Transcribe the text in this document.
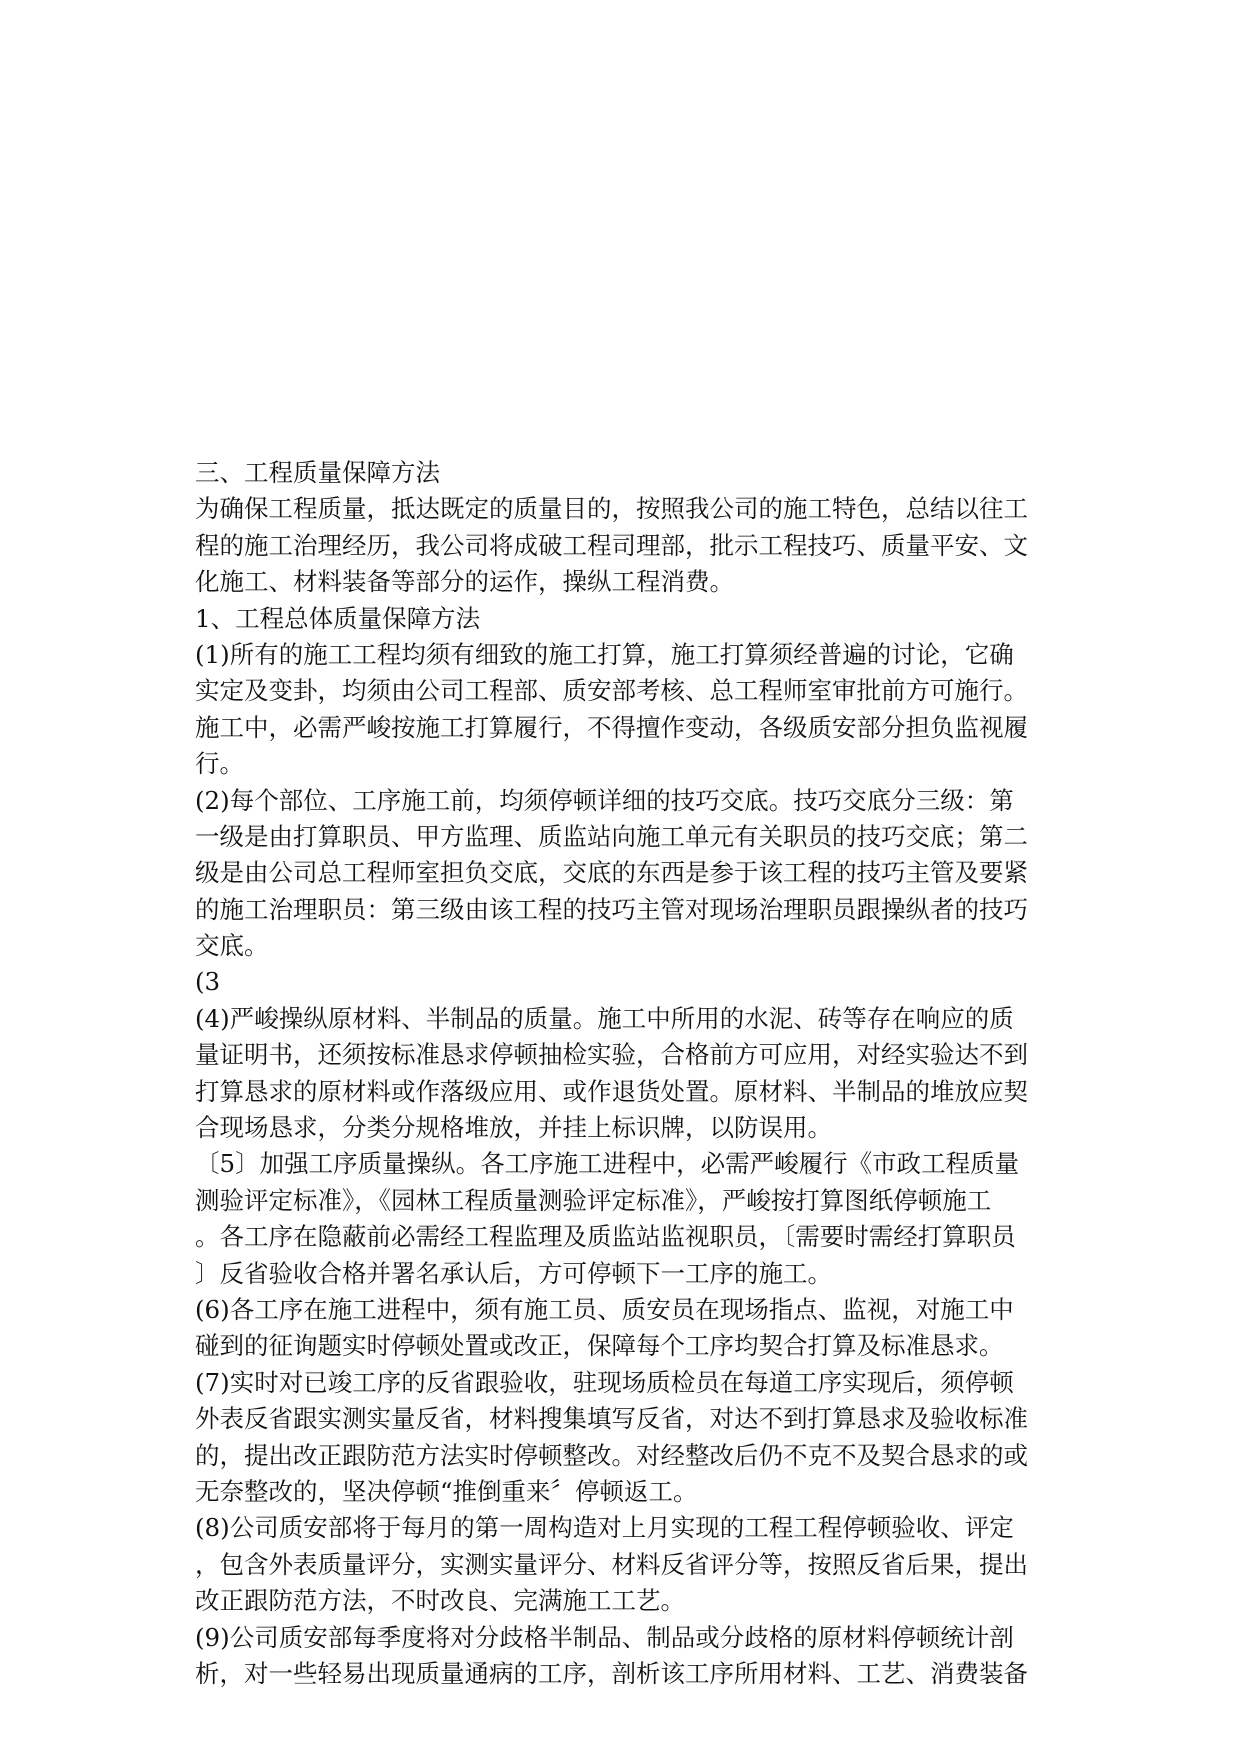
三、工程质量保障方法
为确保工程质量，抵达既定的质量目的，按照我公司的施工特色，总结以往工
程的施工治理经历，我公司将成破工程司理部，批示工程技巧、质量平安、文
化施工、材料装备等部分的运作，操纵工程消费。
1、工程总体质量保障方法
(1)所有的施工工程均须有细致的施工打算，施工打算须经普遍的讨论，它确
实定及变卦，均须由公司工程部、质安部考核、总工程师室审批前方可施行。
施工中，必需严峻按施工打算履行，不得擅作变动，各级质安部分担负监视履
行。
(2)每个部位、工序施工前，均须停顿详细的技巧交底。技巧交底分三级：第
一级是由打算职员、甲方监理、质监站向施工单元有关职员的技巧交底；第二
级是由公司总工程师室担负交底，交底的东西是参于该工程的技巧主管及要紧
的施工治理职员：第三级由该工程的技巧主管对现场治理职员跟操纵者的技巧
交底。
(3
(4)严峻操纵原材料、半制品的质量。施工中所用的水泥、砖等存在响应的质
量证明书，还须按标准恳求停顿抽检实验，合格前方可应用，对经实验达不到
打算恳求的原材料或作落级应用、或作退货处置。原材料、半制品的堆放应契
合现场恳求，分类分规格堆放，并挂上标识牌，以防误用。
〔5〕加强工序质量操纵。各工序施工进程中，必需严峻履行《市政工程质量
测验评定标准》，《园林工程质量测验评定标准》，严峻按打算图纸停顿施工
。各工序在隐蔽前必需经工程监理及质监站监视职员，〔需要时需经打算职员
〕反省验收合格并署名承认后，方可停顿下一工序的施工。
(6)各工序在施工进程中，须有施工员、质安员在现场指点、监视，对施工中
碰到的征询题实时停顿处置或改正，保障每个工序均契合打算及标准恳求。
(7)实时对已竣工序的反省跟验收，驻现场质检员在每道工序实现后，须停顿
外表反省跟实测实量反省，材料搜集填写反省，对达不到打算恳求及验收标准
的，提出改正跟防范方法实时停顿整改。对经整改后仍不克不及契合恳求的或
无奈整改的，坚决停顿“推倒重来〞停顿返工。
(8)公司质安部将于每月的第一周构造对上月实现的工程工程停顿验收、评定
，包含外表质量评分，实测实量评分、材料反省评分等，按照反省后果，提出
改正跟防范方法，不时改良、完满施工工艺。
(9)公司质安部每季度将对分歧格半制品、制品或分歧格的原材料停顿统计剖
析，对一些轻易出现质量通病的工序，剖析该工序所用材料、工艺、消费装备
